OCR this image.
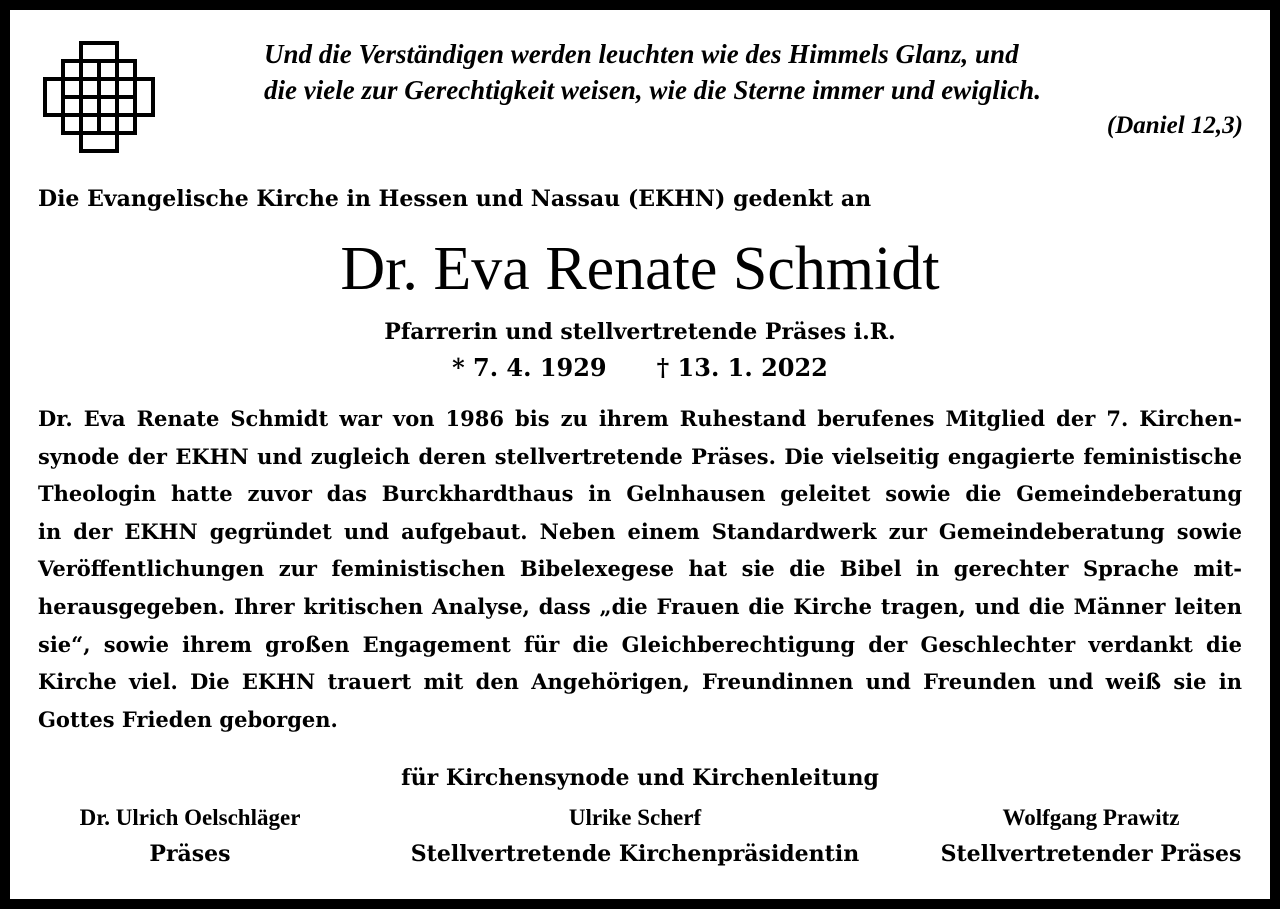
Und die Verständigen werden leuchten wie des Himmels Glanz, und
die viele zur Gerechtigkeit weisen, wie die Sterne immer und ewiglich.
(Daniel 12,3)
Die Evangelische Kirche in Hessen und Nassau (EKHN) gedenkt an
Dr. Eva Renate Schmidt
Pfarrerin und stellvertretende Präses i.R.
* 7. 4. 1929 † 13. 1. 2022
Dr. Eva Renate Schmidt war von 1986 bis zu ihrem Ruhestand berufenes Mitglied der 7. Kirchen-
synode der EKHN und zugleich deren stellvertretende Präses. Die vielseitig engagierte feministische
Theologin hatte zuvor das Burckhardthaus in Gelnhausen geleitet sowie die Gemeindeberatung
in der EKHN gegründet und aufgebaut. Neben einem Standardwerk zur Gemeindeberatung sowie
Veröffentlichungen zur feministischen Bibelexegese hat sie die Bibel in gerechter Sprache mit-
herausgegeben. Ihrer kritischen Analyse, dass „die Frauen die Kirche tragen, und die Männer leiten
sie“, sowie ihrem großen Engagement für die Gleichberechtigung der Geschlechter verdankt die
Kirche viel. Die EKHN trauert mit den Angehörigen, Freundinnen und Freunden und weiß sie in
Gottes Frieden geborgen.
für Kirchensynode und Kirchenleitung
Dr. Ulrich Oelschläger
Präses
Ulrike Scherf
Stellvertretende Kirchenpräsidentin
Wolfgang Prawitz
Stellvertretender Präses
